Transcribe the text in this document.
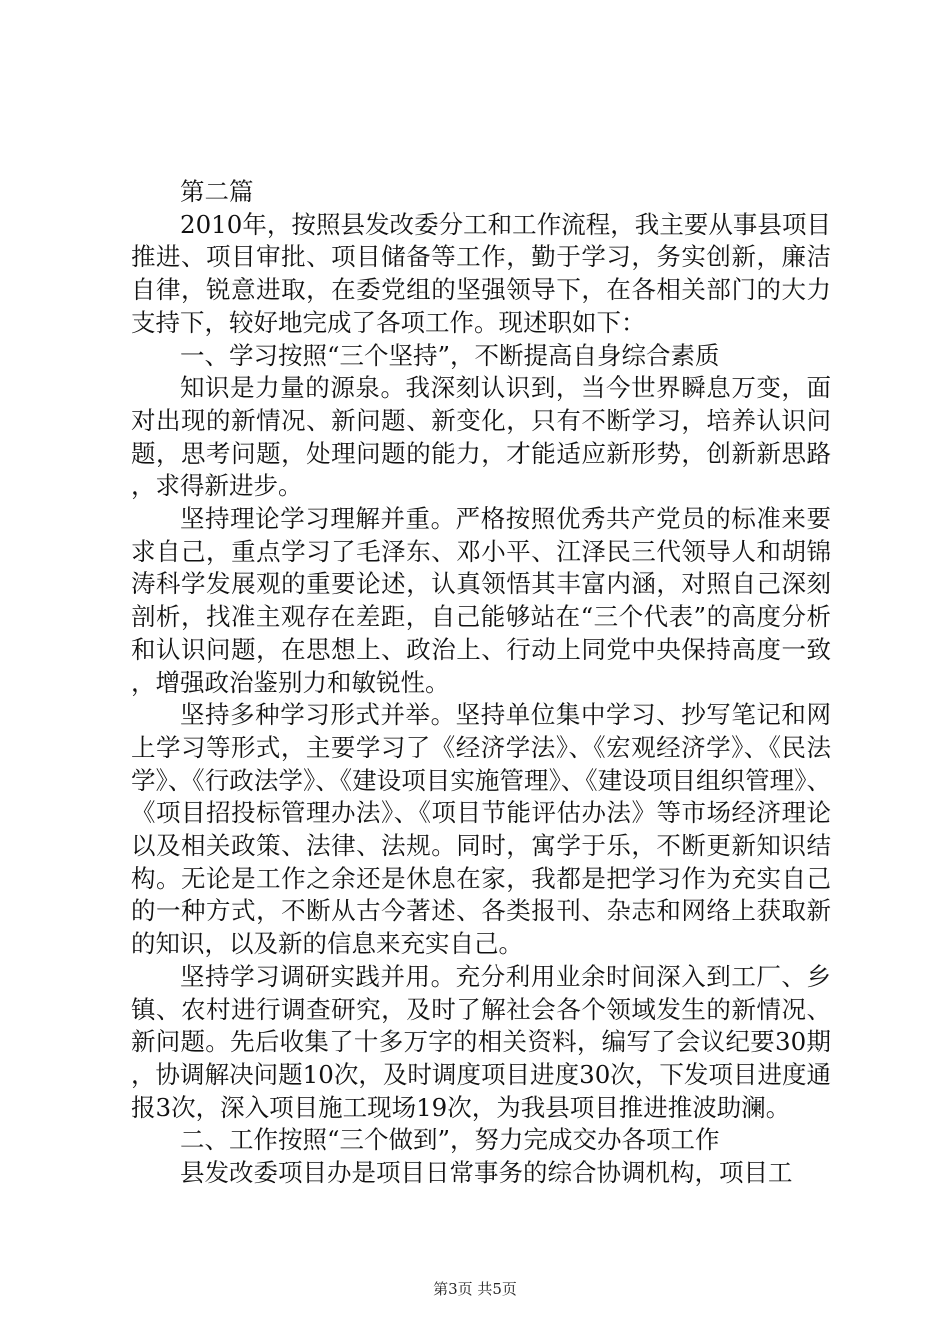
第二篇

2010年，按照县发改委分工和工作流程，我主要从事县项目推进、项目审批、项目储备等工作，勤于学习，务实创新，廉洁自律，锐意进取，在委党组的坚强领导下，在各相关部门的大力支持下，较好地完成了各项工作。现述职如下：

一、学习按照“三个坚持”，不断提高自身综合素质

知识是力量的源泉。我深刻认识到，当今世界瞬息万变，面对出现的新情况、新问题、新变化，只有不断学习，培养认识问题，思考问题，处理问题的能力，才能适应新形势，创新新思路，求得新进步。

坚持理论学习理解并重。严格按照优秀共产党员的标准来要求自己，重点学习了毛泽东、邓小平、江泽民三代领导人和胡锦涛科学发展观的重要论述，认真领悟其丰富内涵，对照自己深刻剖析，找准主观存在差距，自己能够站在“三个代表”的高度分析和认识问题，在思想上、政治上、行动上同党中央保持高度一致，增强政治鉴别力和敏锐性。

坚持多种学习形式并举。坚持单位集中学习、抄写笔记和网上学习等形式，主要学习了《经济学法》、《宏观经济学》、《民法学》、《行政法学》、《建设项目实施管理》、《建设项目组织管理》、《项目招投标管理办法》、《项目节能评估办法》等市场经济理论以及相关政策、法律、法规。同时，寓学于乐，不断更新知识结构。无论是工作之余还是休息在家，我都是把学习作为充实自己的一种方式，不断从古今著述、各类报刊、杂志和网络上获取新的知识，以及新的信息来充实自己。

坚持学习调研实践并用。充分利用业余时间深入到工厂、乡镇、农村进行调查研究，及时了解社会各个领域发生的新情况、新问题。先后收集了十多万字的相关资料，编写了会议纪要30期，协调解决问题10次，及时调度项目进度30次，下发项目进度通报3次，深入项目施工现场19次，为我县项目推进推波助澜。

二、工作按照“三个做到”，努力完成交办各项工作

县发改委项目办是项目日常事务的综合协调机构，项目工

第3页 共5页
